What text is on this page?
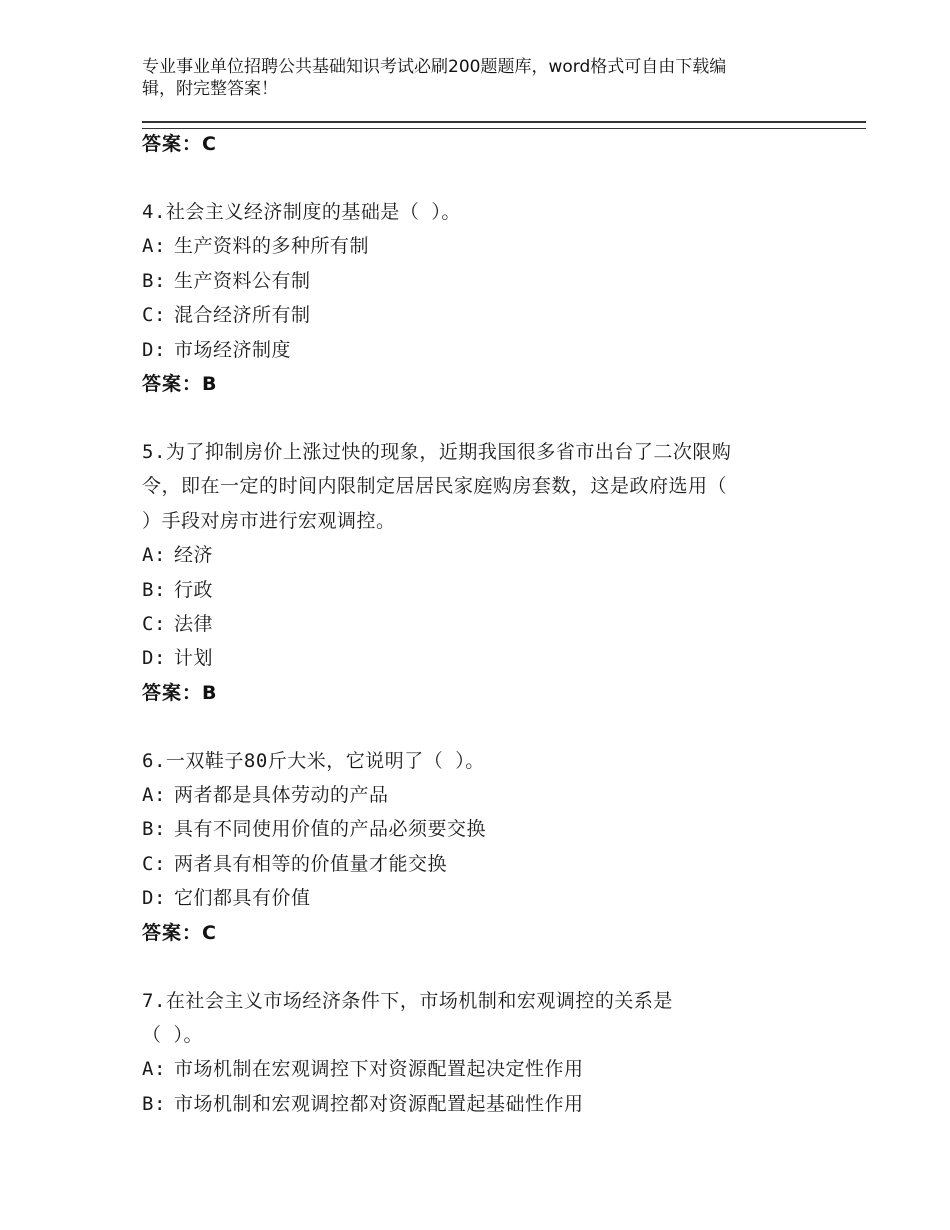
专业事业单位招聘公共基础知识考试必刷200题题库，word格式可自由下载编
辑，附完整答案！
答案：C
4.社会主义经济制度的基础是（ ）。
A: 生产资料的多种所有制
B: 生产资料公有制
C: 混合经济所有制
D: 市场经济制度
答案：B
5.为了抑制房价上涨过快的现象，近期我国很多省市出台了二次限购
令，即在一定的时间内限制定居居民家庭购房套数，这是政府选用（
）手段对房市进行宏观调控。
A: 经济
B: 行政
C: 法律
D: 计划
答案：B
6.一双鞋子80斤大米，它说明了（ ）。
A: 两者都是具体劳动的产品
B: 具有不同使用价值的产品必须要交换
C: 两者具有相等的价值量才能交换
D: 它们都具有价值
答案：C
7.在社会主义市场经济条件下，市场机制和宏观调控的关系是
（ ）。
A: 市场机制在宏观调控下对资源配置起决定性作用
B: 市场机制和宏观调控都对资源配置起基础性作用
